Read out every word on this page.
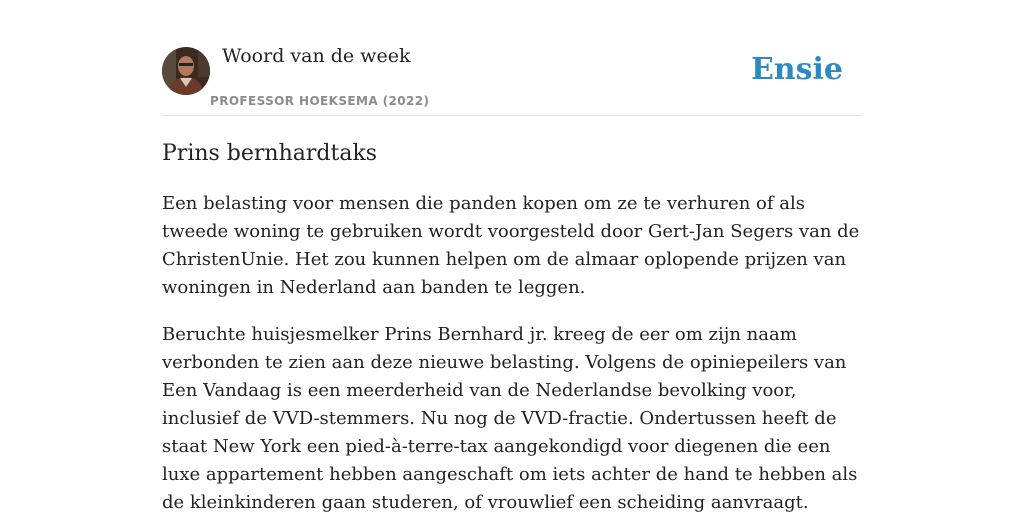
Woord van de week
PROFESSOR HOEKSEMA (2022)
Ensie
Prins bernhardtaks

Een belasting voor mensen die panden kopen om ze te verhuren of als tweede woning te gebruiken wordt voorgesteld door Gert-Jan Segers van de ChristenUnie. Het zou kunnen helpen om de almaar oplopende prijzen van woningen in Nederland aan banden te leggen.

Beruchte huisjesmelker Prins Bernhard jr. kreeg de eer om zijn naam verbonden te zien aan deze nieuwe belasting. Volgens de opiniepeilers van Een Vandaag is een meerderheid van de Nederlandse bevolking voor, inclusief de VVD-stemmers. Nu nog de VVD-fractie. Ondertussen heeft de staat New York een pied-à-terre-tax aangekondigd voor diegenen die een luxe appartement hebben aangeschaft om iets achter de hand te hebben als de kleinkinderen gaan studeren, of vrouwlief een scheiding aanvraagt.
